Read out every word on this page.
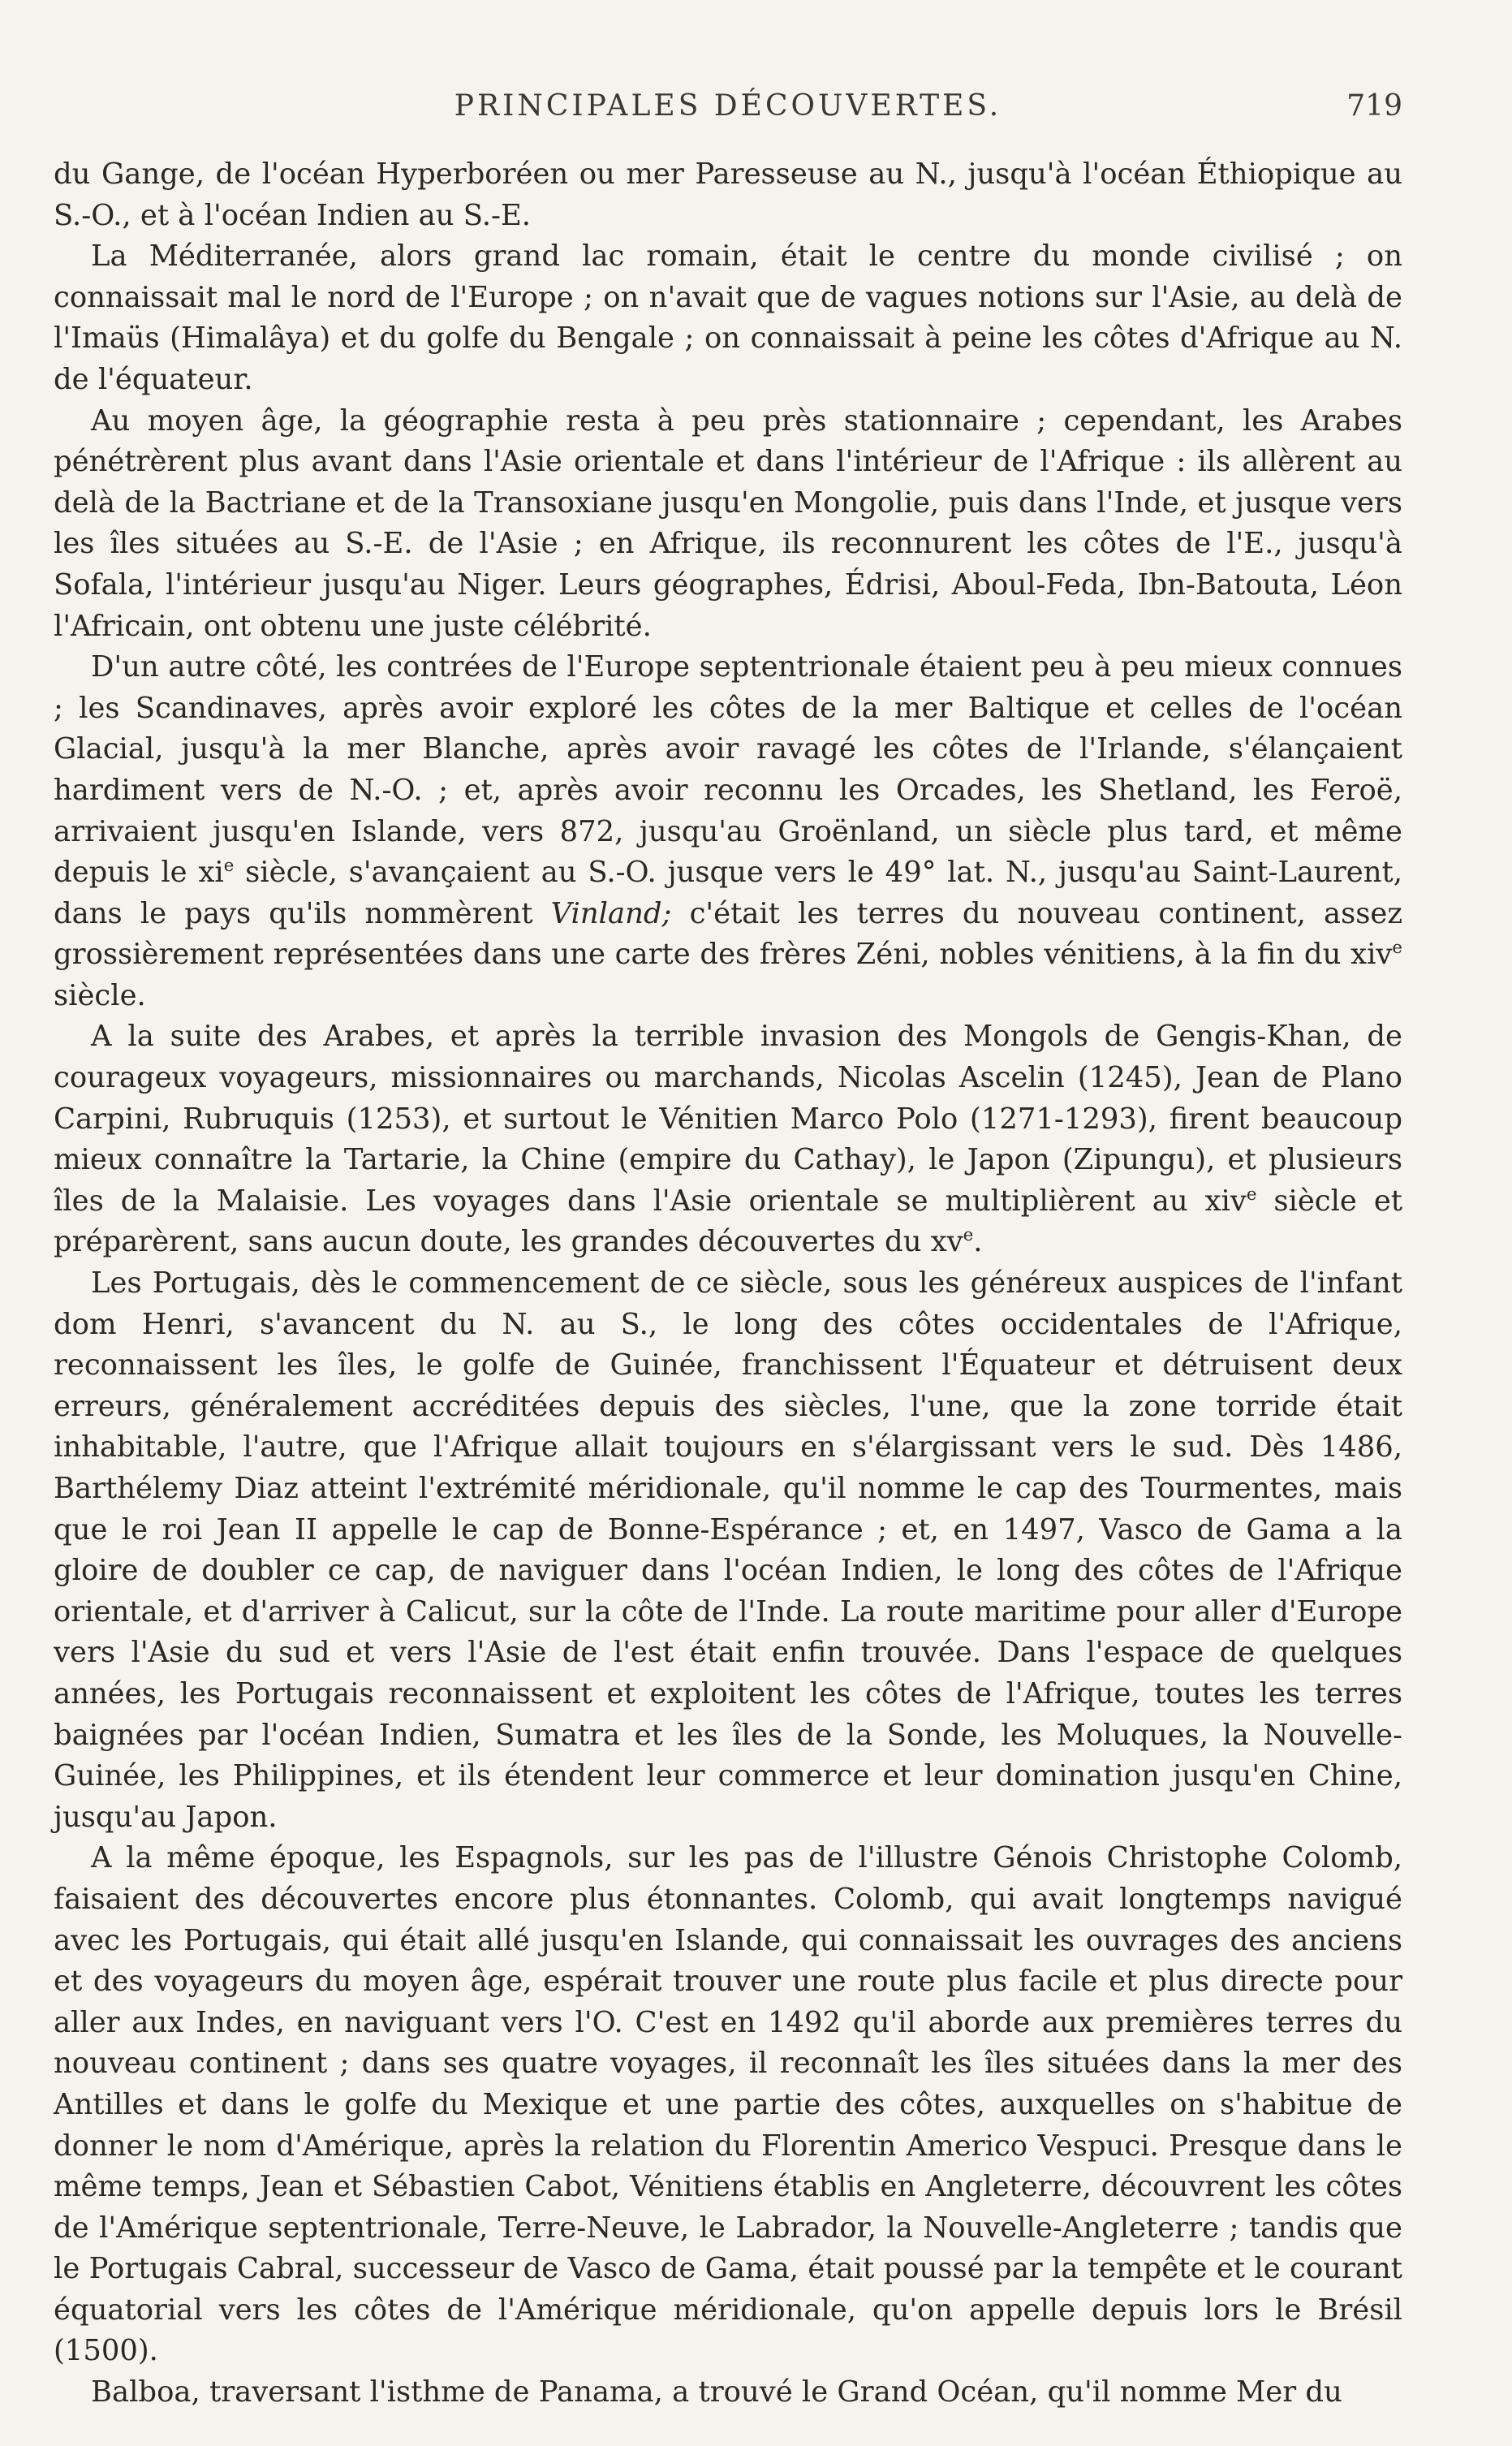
PRINCIPALES DÉCOUVERTES.	719

du Gange, de l'océan Hyperboréen ou mer Paresseuse au N., jusqu'à l'océan Éthiopique au S.-O., et à l'océan Indien au S.-E.

La Méditerranée, alors grand lac romain, était le centre du monde civilisé ; on connaissait mal le nord de l'Europe ; on n'avait que de vagues notions sur l'Asie, au delà de l'Imaüs (Himalâya) et du golfe du Bengale ; on connaissait à peine les côtes d'Afrique au N. de l'équateur.

Au moyen âge, la géographie resta à peu près stationnaire ; cependant, les Arabes pénétrèrent plus avant dans l'Asie orientale et dans l'intérieur de l'Afrique : ils allèrent au delà de la Bactriane et de la Transoxiane jusqu'en Mongolie, puis dans l'Inde, et jusque vers les îles situées au S.-E. de l'Asie ; en Afrique, ils reconnurent les côtes de l'E., jusqu'à Sofala, l'intérieur jusqu'au Niger. Leurs géographes, Édrisi, Aboul-Feda, Ibn-Batouta, Léon l'Africain, ont obtenu une juste célébrité.

D'un autre côté, les contrées de l'Europe septentrionale étaient peu à peu mieux connues ; les Scandinaves, après avoir exploré les côtes de la mer Baltique et celles de l'océan Glacial, jusqu'à la mer Blanche, après avoir ravagé les côtes de l'Irlande, s'élançaient hardiment vers de N.-O. ; et, après avoir reconnu les Orcades, les Shetland, les Feroë, arrivaient jusqu'en Islande, vers 872, jusqu'au Groënland, un siècle plus tard, et même depuis le $xi^e$ siècle, s'avançaient au S.-O. jusque vers le 49° lat. N., jusqu'au Saint-Laurent, dans le pays qu'ils nommèrent Vinland; c'était les terres du nouveau continent, assez grossièrement représentées dans une carte des frères Zéni, nobles vénitiens, à la fin du xiv$^e$ siècle.

A la suite des Arabes, et après la terrible invasion des Mongols de Gengis-Khan, de courageux voyageurs, missionnaires ou marchands, Nicolas Ascelin (1245), Jean de Plano Carpini, Rubruquis (1253), et surtout le Vénitien Marco Polo (1271-1293), firent beaucoup mieux connaître la Tartarie, la Chine (empire du Cathay), le Japon (Zipungu), et plusieurs îles de la Malaisie. Les voyages dans l'Asie orientale se multiplièrent au xiv$^e$ siècle et préparèrent, sans aucun doute, les grandes découvertes du $xv^e$.

Les Portugais, dès le commencement de ce siècle, sous les généreux auspices de l'infant dom Henri, s'avancent du N. au S., le long des côtes occidentales de l'Afrique, reconnaissent les îles, le golfe de Guinée, franchissent l'Équateur et détruisent deux erreurs, généralement accréditées depuis des siècles, l'une, que la zone torride était inhabitable, l'autre, que l'Afrique allait toujours en s'élargissant vers le sud. Dès 1486, Barthélemy Diaz atteint l'extrémité méridionale, qu'il nomme le cap des Tourmentes, mais que le roi Jean II appelle le cap de Bonne-Espérance ; et, en 1497, Vasco de Gama a la gloire de doubler ce cap, de naviguer dans l'océan Indien, le long des côtes de l'Afrique orientale, et d'arriver à Calicut, sur la côte de l'Inde. La route maritime pour aller d'Europe vers l'Asie du sud et vers l'Asie de l'est était enfin trouvée. Dans l'espace de quelques années, les Portugais reconnaissent et exploitent les côtes de l'Afrique, toutes les terres baignées par l'océan Indien, Sumatra et les îles de la Sonde, les Moluques, la Nouvelle-Guinée, les Philippines, et ils étendent leur commerce et leur domination jusqu'en Chine, jusqu'au Japon.

A la même époque, les Espagnols, sur les pas de l'illustre Génois Christophe Colomb, faisaient des découvertes encore plus étonnantes. Colomb, qui avait longtemps navigué avec les Portugais, qui était allé jusqu'en Islande, qui connaissait les ouvrages des anciens et des voyageurs du moyen âge, espérait trouver une route plus facile et plus directe pour aller aux Indes, en naviguant vers l'O. C'est en 1492 qu'il aborde aux premières terres du nouveau continent ; dans ses quatre voyages, il reconnaît les îles situées dans la mer des Antilles et dans le golfe du Mexique et une partie des côtes, auxquelles on s'habitue de donner le nom d'Amérique, après la relation du Florentin Americo Vespuci. Presque dans le même temps, Jean et Sébastien Cabot, Vénitiens établis en Angleterre, découvrent les côtes de l'Amérique septentrionale, Terre-Neuve, le Labrador, la Nouvelle-Angleterre ; tandis que le Portugais Cabral, successeur de Vasco de Gama, était poussé par la tempête et le courant équatorial vers les côtes de l'Amérique méridionale, qu'on appelle depuis lors le Brésil (1500).

Balboa, traversant l'isthme de Panama, a trouvé le Grand Océan, qu'il nomme Mer du
